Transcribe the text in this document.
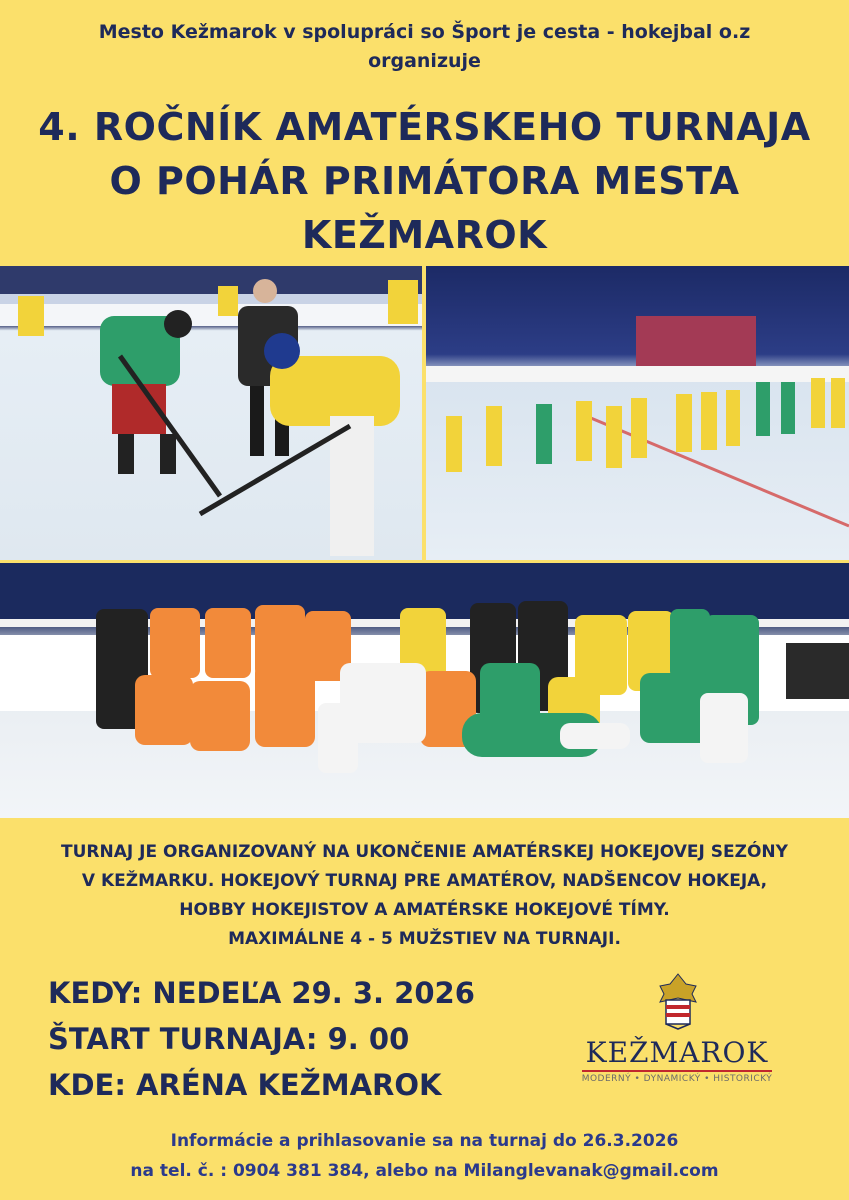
Mesto Kežmarok v spolupráci so Šport je cesta - hokejbal o.z
organizuje
4. ROČNÍK AMATÉRSKEHO TURNAJA
O POHÁR PRIMÁTORA MESTA
KEŽMAROK
TURNAJ JE ORGANIZOVANÝ NA UKONČENIE AMATÉRSKEJ HOKEJOVEJ SEZÓNY
V KEŽMARKU. HOKEJOVÝ TURNAJ PRE AMATÉROV, NADŠENCOV HOKEJA,
HOBBY HOKEJISTOV A AMATÉRSKE HOKEJOVÉ TÍMY.
MAXIMÁLNE 4 - 5 MUŽSTIEV NA TURNAJI.
KEDY: NEDEĽA 29. 3. 2026
ŠTART TURNAJA: 9. 00
KDE: ARÉNA KEŽMAROK
KEŽMAROK
MODERNÝ • DYNAMICKÝ • HISTORICKÝ
Informácie a prihlasovanie sa na turnaj do 26.3.2026
na tel. č. : 0904 381 384, alebo na Milanglevanak@gmail.com
